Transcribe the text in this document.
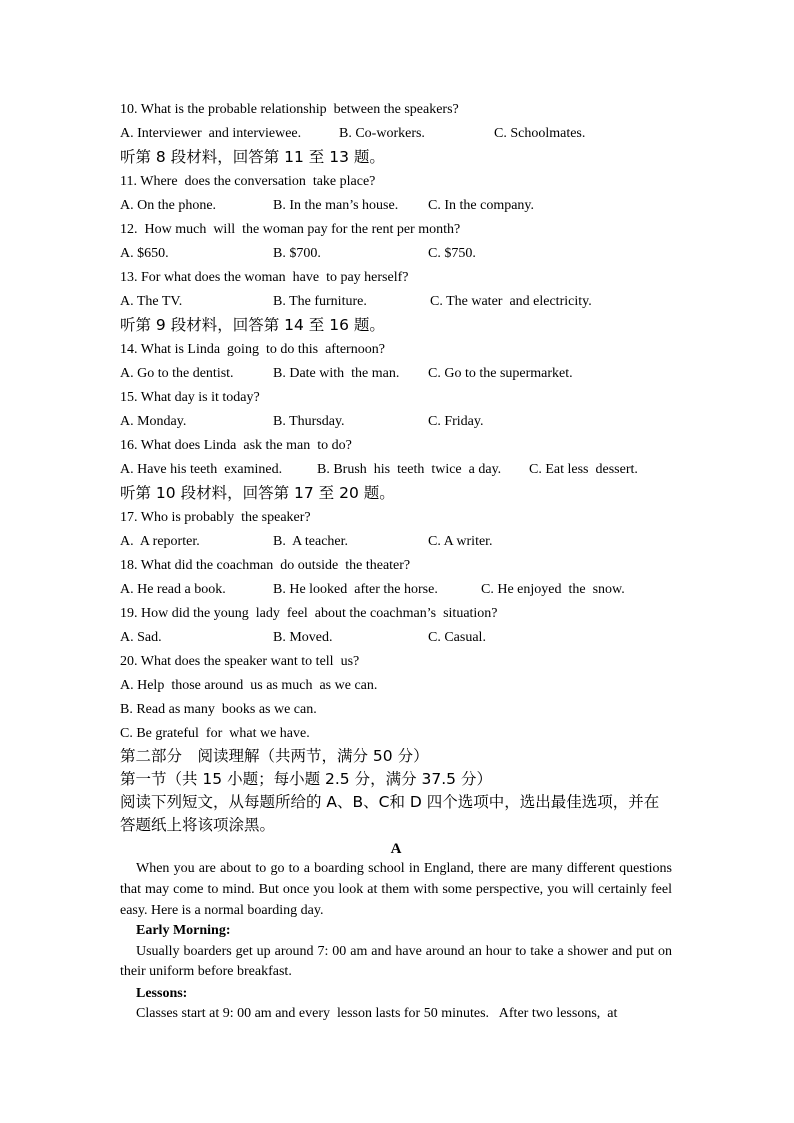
10. What is the probable relationship  between the speakers?
A. Interviewer  and interviewee.	B. Co-workers.	C. Schoolmates.
听第 8 段材料，回答第 11 至 13 题。
11. Where  does the conversation  take place?
A. On the phone.	B. In the man’s house. C. In the company.
12.  How much  will  the woman pay for the rent per month?
A. $650.	B. $700.	C. $750.
13. For what does the woman  have  to pay herself?
A. The TV.	B. The furniture.	C. The water  and electricity.
听第 9 段材料，回答第 14 至 16 题。
14. What is Linda  going  to do this  afternoon?
A. Go to the dentist.	B. Date with  the man. C. Go to the supermarket.
15. What day is it today?
A. Monday.	B. Thursday.	C. Friday.
16. What does Linda  ask the man  to do?
A. Have his teeth  examined. B. Brush  his  teeth  twice  a day. C. Eat less  dessert.
听第 10 段材料，回答第 17 至 20 题。
17. Who is probably  the speaker?
A.  A reporter.	B.  A teacher.	C. A writer.
18. What did the coachman  do outside  the theater?
A. He read a book.	B. He looked  after the horse.	C. He enjoyed  the  snow.
19. How did the young  lady  feel  about the coachman’s  situation?
A. Sad.	B. Moved.	C. Casual.
20. What does the speaker want to tell  us?
A. Help  those around  us as much  as we can.
B. Read as many  books as we can.
C. Be grateful  for  what we have.
第二部分　阅读理解（共两节，满分 50 分）
第一节（共 15 小题；每小题 2.5 分，满分 37.5 分）
阅读下列短文，从每题所给的 A、B、C和 D 四个选项中，选出最佳选项，并在
答题纸上将该项涂黑。
A
When you are about to go to a boarding school in England, there are many different questions that may come to mind. But once you look at them with some perspective, you will certainly feel easy. Here is a normal boarding day.
Early Morning:
Usually boarders get up around 7: 00 am and have around an hour to take a shower and put on their uniform before breakfast.
Lessons:
Classes start at 9: 00 am and every  lesson lasts for 50 minutes.   After two lessons,  at
